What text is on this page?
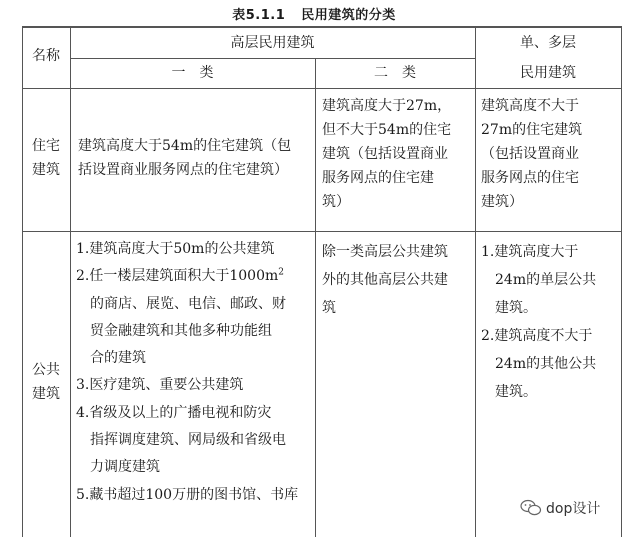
表5.1.1 民用建筑的分类
名称
高层民用建筑
一　类	二　类
单、多层
民用建筑
住宅
建筑
建筑高度大于54m的住宅建筑（包
括设置商业服务网点的住宅建筑）
建筑高度大于27m，
但不大于54m的住宅
建筑（包括设置商业
服务网点的住宅建
筑）
建筑高度不大于
27m的住宅建筑
（包括设置商业
服务网点的住宅
建筑）
公共
建筑
1.建筑高度大于50m的公共建筑
2.任一楼层建筑面积大于$1000m^2$
的商店、展览、电信、邮政、财
贸金融建筑和其他多种功能组
合的建筑
3.医疗建筑、重要公共建筑
4.省级及以上的广播电视和防灾
指挥调度建筑、网局级和省级电
力调度建筑
5.藏书超过100万册的图书馆、书库
除一类高层公共建筑
外的其他高层公共建
筑
1.建筑高度大于
24m的单层公共
建筑。
2.建筑高度不大于
24m的其他公共
建筑。
dop设计
